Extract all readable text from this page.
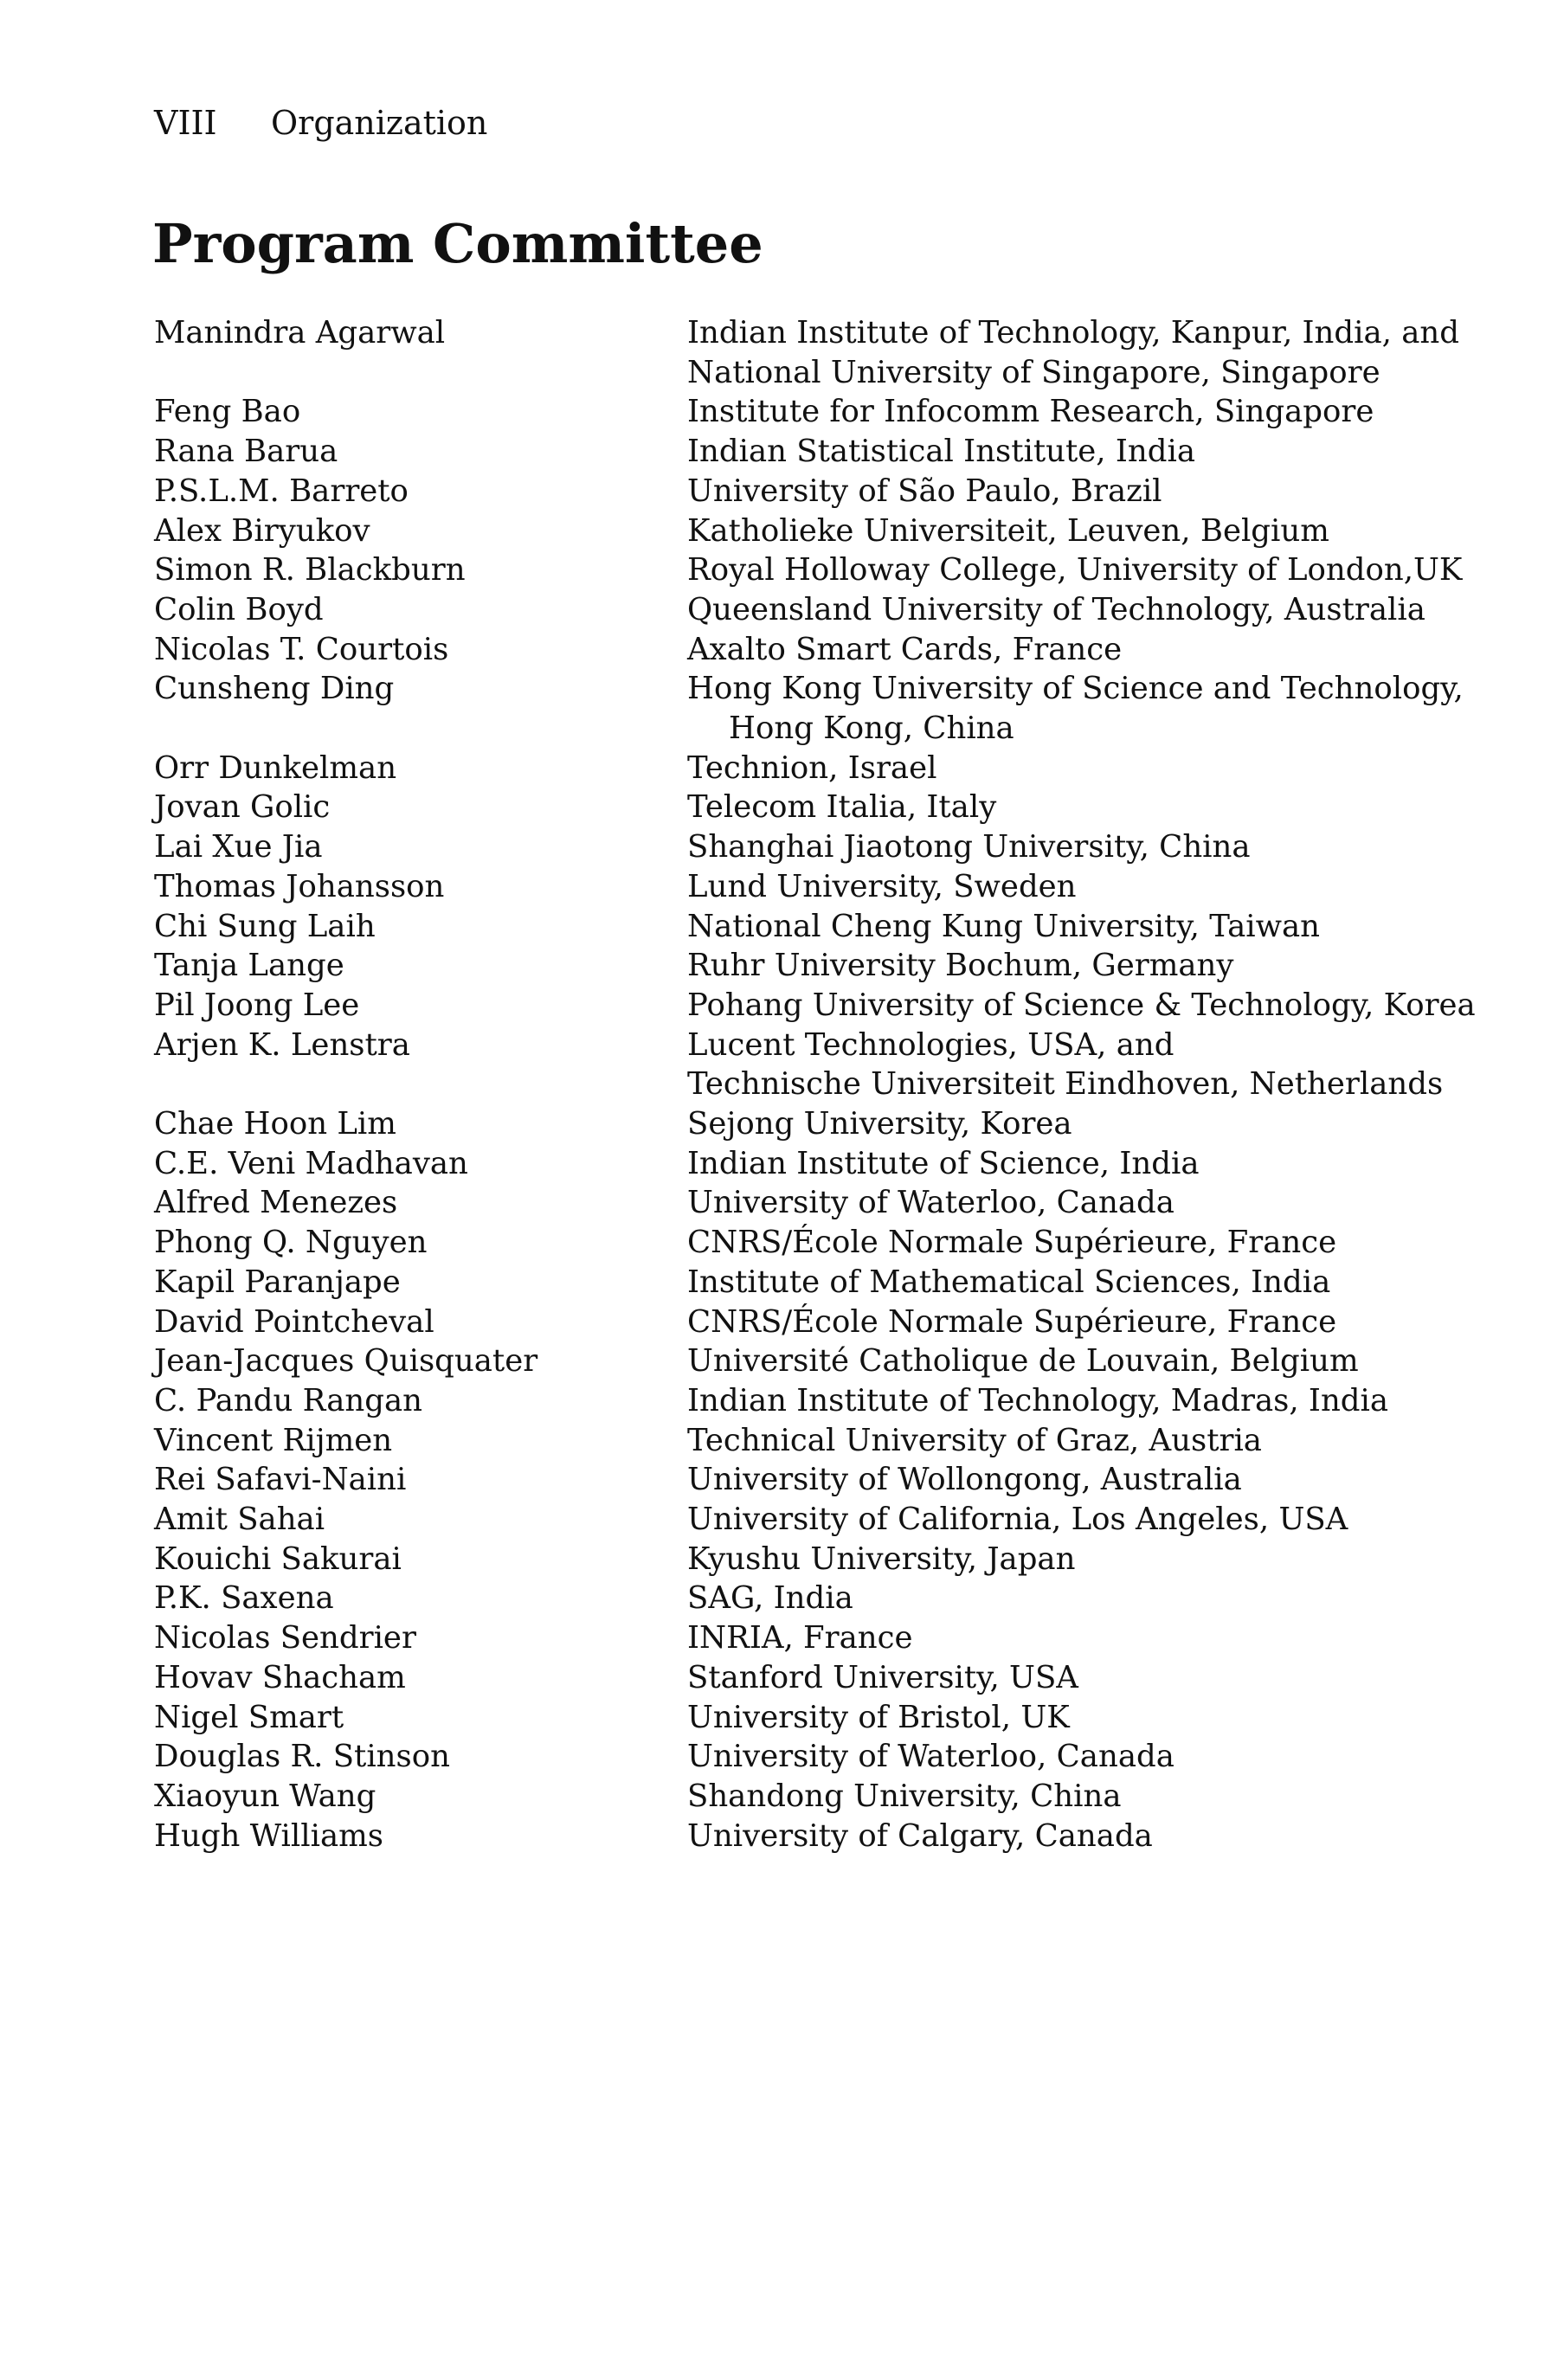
VIII Organization
Program Committee
Manindra Agarwal	Indian Institute of Technology, Kanpur, India, and
National University of Singapore, Singapore
Feng Bao	Institute for Infocomm Research, Singapore
Rana Barua	Indian Statistical Institute, India
P.S.L.M. Barreto	University of São Paulo, Brazil
Alex Biryukov	Katholieke Universiteit, Leuven, Belgium
Simon R. Blackburn	Royal Holloway College, University of London,UK
Colin Boyd	Queensland University of Technology, Australia
Nicolas T. Courtois	Axalto Smart Cards, France
Cunsheng Ding	Hong Kong University of Science and Technology,
Hong Kong, China
Orr Dunkelman	Technion, Israel
Jovan Golic	Telecom Italia, Italy
Lai Xue Jia	Shanghai Jiaotong University, China
Thomas Johansson	Lund University, Sweden
Chi Sung Laih	National Cheng Kung University, Taiwan
Tanja Lange	Ruhr University Bochum, Germany
Pil Joong Lee	Pohang University of Science & Technology, Korea
Arjen K. Lenstra	Lucent Technologies, USA, and
Technische Universiteit Eindhoven, Netherlands
Chae Hoon Lim	Sejong University, Korea
C.E. Veni Madhavan	Indian Institute of Science, India
Alfred Menezes	University of Waterloo, Canada
Phong Q. Nguyen	CNRS/École Normale Supérieure, France
Kapil Paranjape	Institute of Mathematical Sciences, India
David Pointcheval	CNRS/École Normale Supérieure, France
Jean-Jacques Quisquater	Université Catholique de Louvain, Belgium
C. Pandu Rangan	Indian Institute of Technology, Madras, India
Vincent Rijmen	Technical University of Graz, Austria
Rei Safavi-Naini	University of Wollongong, Australia
Amit Sahai	University of California, Los Angeles, USA
Kouichi Sakurai	Kyushu University, Japan
P.K. Saxena	SAG, India
Nicolas Sendrier	INRIA, France
Hovav Shacham	Stanford University, USA
Nigel Smart	University of Bristol, UK
Douglas R. Stinson	University of Waterloo, Canada
Xiaoyun Wang	Shandong University, China
Hugh Williams	University of Calgary, Canada
